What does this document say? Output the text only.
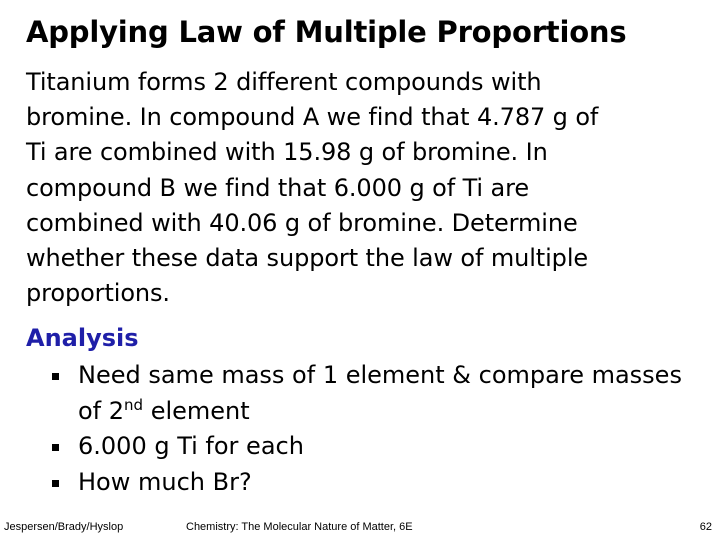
Applying Law of Multiple Proportions

Titanium forms 2 different compounds with
bromine. In compound A we find that 4.787 g of
Ti are combined with 15.98 g of bromine. In
compound B we find that 6.000 g of Ti are
combined with 40.06 g of bromine. Determine
whether these data support the law of multiple
proportions.

Analysis
Need same mass of 1 element & compare masses
of 2nd element
6.000 g Ti for each
How much Br?
Jespersen/Brady/Hyslop	Chemistry: The Molecular Nature of Matter, 6E	62
